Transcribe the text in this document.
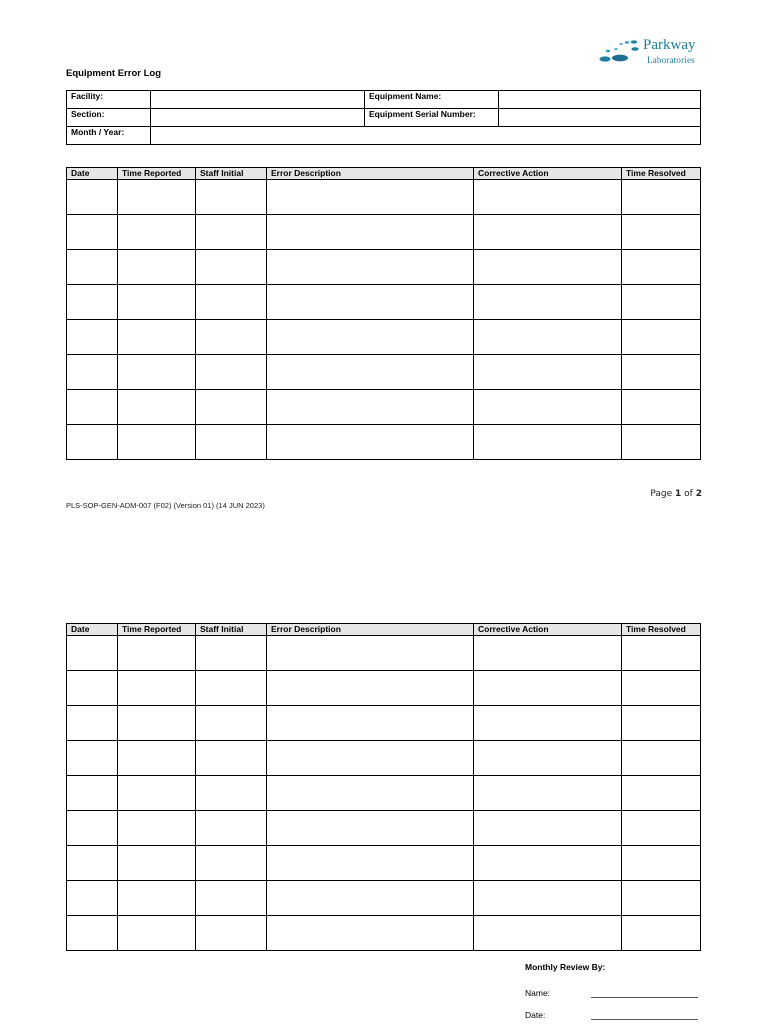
Parkway
Laboratories
Equipment Error Log
Facility:		Equipment Name:	
Section:		Equipment Serial Number:	
Month / Year:			
Date	Time Reported	Staff Initial	Error Description	Corrective Action	Time Resolved

PLS-SOP-GEN-ADM-007 (F02) (Version 01) (14 JUN 2023)
Page 1 of 2
Date	Time Reported	Staff Initial	Error Description	Corrective Action	Time Resolved

Monthly Review By:
Name:
Date:
